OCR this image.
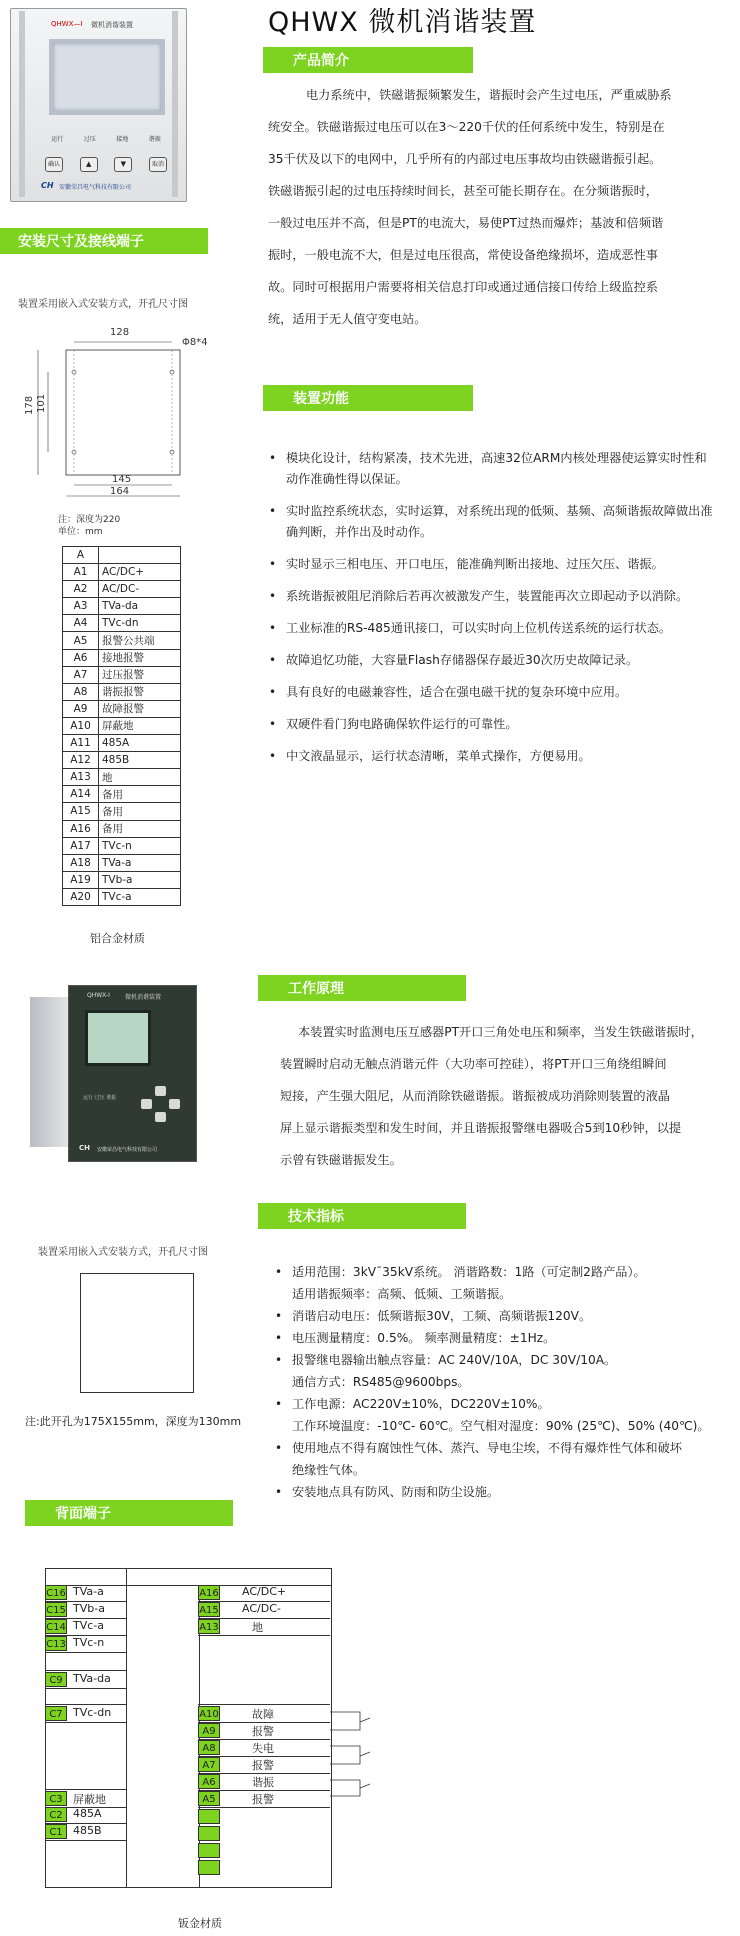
QHWX 微机消谐装置
QHWX—I 微机消谐装置
运行	过压	接地	谐振
确认	▲	▼	取消
CH 安徽荣昌电气科技有限公司
产品简介

电力系统中，铁磁谐振频繁发生，谐振时会产生过电压，严重威胁系

统安全。铁磁谐振过电压可以在3～220千伏的任何系统中发生，特别是在

35千伏及以下的电网中，几乎所有的内部过电压事故均由铁磁谐振引起。

铁磁谐振引起的过电压持续时间长，甚至可能长期存在。在分频谐振时，

一般过电压并不高，但是PT的电流大，易使PT过热而爆炸；基波和倍频谐

振时，一般电流不大，但是过电压很高，常使设备绝缘损坏，造成恶性事

故。同时可根据用户需要将相关信息打印或通过通信接口传给上级监控系

统，适用于无人值守变电站。

安装尺寸及接线端子
装置采用嵌入式安装方式，开孔尺寸图
128
Φ8*4
178 101
145
164
注：深度为220
单位：mm
A	
A1	AC/DC+
A2	AC/DC-
A3	TVa-da
A4	TVc-dn
A5	报警公共端
A6	接地报警
A7	过压报警
A8	谐振报警
A9	故障报警
A10	屏蔽地
A11	485A
A12	485B
A13	地
A14	备用
A15	备用
A16	备用
A17	TVc-n
A18	TVa-a
A19	TVb-a
A20	TVc-a
铝合金材质
装置功能
• 模块化设计，结构紧凑，技术先进，高速32位ARM内核处理器使运算实时性和动作准确性得以保证。
• 实时监控系统状态，实时运算，对系统出现的低频、基频、高频谐振故障做出准确判断，并作出及时动作。
• 实时显示三相电压、开口电压，能准确判断出接地、过压欠压、谐振。
• 系统谐振被阻尼消除后若再次被激发产生，装置能再次立即起动予以消除。
• 工业标准的RS-485通讯接口，可以实时向上位机传送系统的运行状态。
• 故障追忆功能，大容量Flash存储器保存最近30次历史故障记录。
• 具有良好的电磁兼容性，适合在强电磁干扰的复杂环境中应用。
• 双硬件看门狗电路确保软件运行的可靠性。
• 中文液晶显示，运行状态清晰，菜单式操作，方便易用。
QHWX-I	微机消谐装置
运行 过压 谐振
CH 安徽荣昌电气科技有限公司
工作原理

本装置实时监测电压互感器PT开口三角处电压和频率，当发生铁磁谐振时，

装置瞬时启动无触点消谐元件（大功率可控硅），将PT开口三角绕组瞬间

短接，产生强大阻尼，从而消除铁磁谐振。谐振被成功消除则装置的液晶

屏上显示谐振类型和发生时间，并且谐振报警继电器吸合5到10秒钟，以提

示曾有铁磁谐振发生。

技术指标
装置采用嵌入式安装方式，开孔尺寸图
注:此开孔为175X155mm，深度为130mm
• 适用范围：3kV¯35kV系统。 消谐路数：1路（可定制2路产品）。
适用谐振频率：高频、低频、工频谐振。
• 消谐启动电压：低频谐振30V，工频、高频谐振120V。
• 电压测量精度：0.5%。 频率测量精度：±1Hz。
• 报警继电器输出触点容量：AC 240V/10A，DC 30V/10A。
通信方式：RS485@9600bps。
• 工作电源：AC220V±10%，DC220V±10%。
工作环境温度：-10℃- 60℃。空气相对湿度：90% (25℃)、50% (40℃)。
• 使用地点不得有腐蚀性气体、蒸汽、导电尘埃，不得有爆炸性气体和破坏
绝缘性气体。
• 安装地点具有防风、防雨和防尘设施。
背面端子
C16 TVa-a
C15 TVb-a
C14 TVc-a
C13 TVc-n
C9 TVa-da
C7 TVc-dn
C3 屏蔽地
C2 485A
C1 485B
A16 AC/DC+
A15 AC/DC-
A13	地
A10	故障
A9	报警
A8	失电
A7	报警
A6	谐振
A5	报警
钣金材质
